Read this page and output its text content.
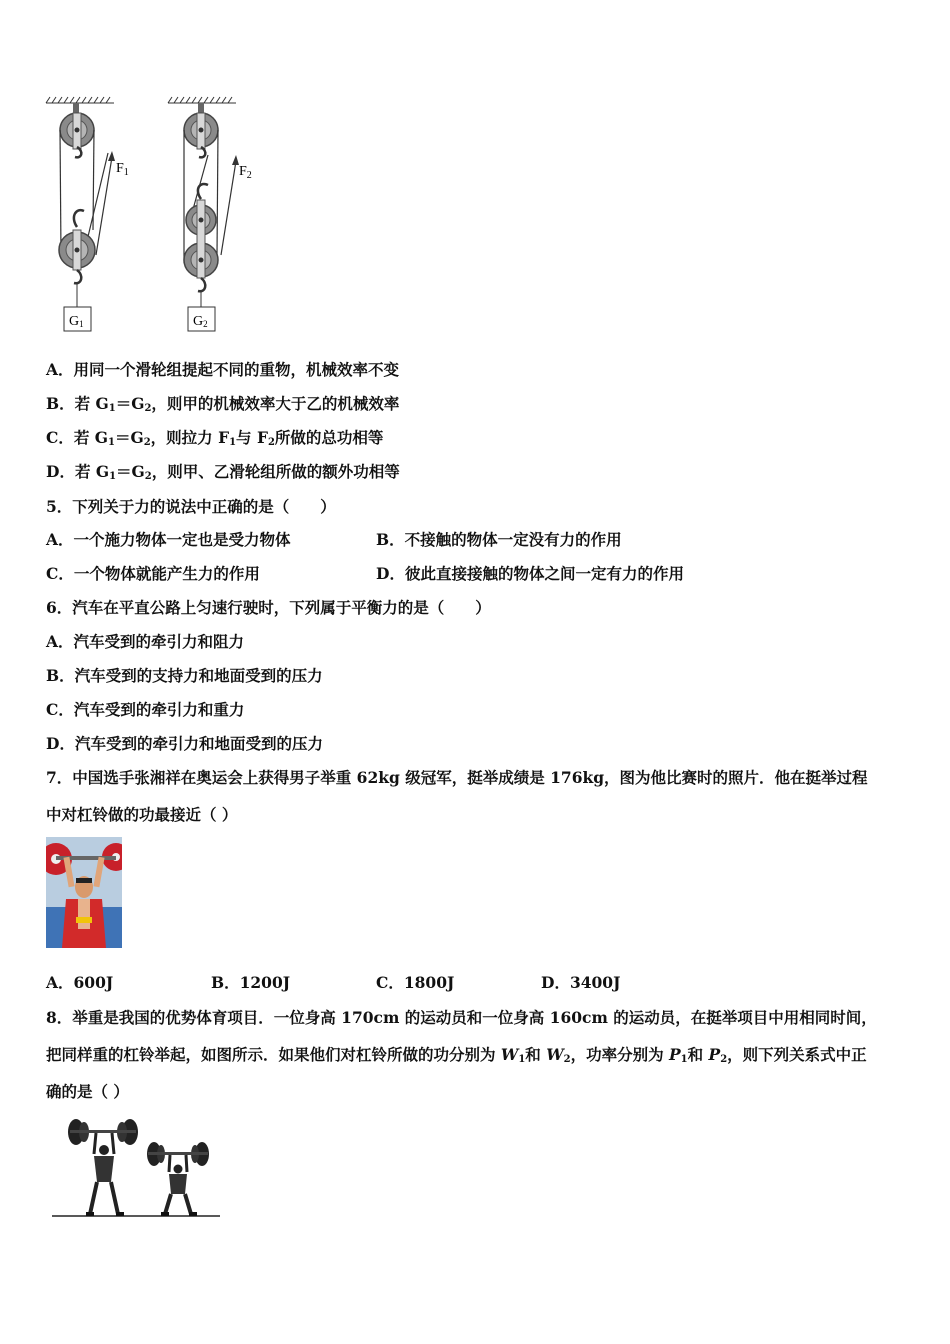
$F_1$
G1
$F_2$
G2
A．用同一个滑轮组提起不同的重物，机械效率不变
B．若 $G_1=G_2$，则甲的机械效率大于乙的机械效率
C．若 $G_1=G_2$，则拉力 $F_1$与 $F_2$所做的总功相等
D．若 $G_1=G_2$，则甲、乙滑轮组所做的额外功相等
5．下列关于力的说法中正确的是（　　）
A．一个施力物体一定也是受力物体	B．不接触的物体一定没有力的作用
C．一个物体就能产生力的作用	D．彼此直接接触的物体之间一定有力的作用
6．汽车在平直公路上匀速行驶时，下列属于平衡力的是（　　）
A．汽车受到的牵引力和阻力
B．汽车受到的支持力和地面受到的压力
C．汽车受到的牵引力和重力
D．汽车受到的牵引力和地面受到的压力
7．中国选手张湘祥在奥运会上获得男子举重 62kg 级冠军，挺举成绩是 176kg，图为他比赛时的照片．他在挺举过程
中对杠铃做的功最接近（ ）
A．600J	B．1200J	C．1800J	D．3400J
8．举重是我国的优势体育项目．一位身高 170cm 的运动员和一位身高 160cm 的运动员，在挺举项目中用相同时间，
把同样重的杠铃举起，如图所示．如果他们对杠铃所做的功分别为 $W_1$和 $W_2$，功率分别为 $P_1$和 $P_2$，则下列关系式中正
确的是（ ）
